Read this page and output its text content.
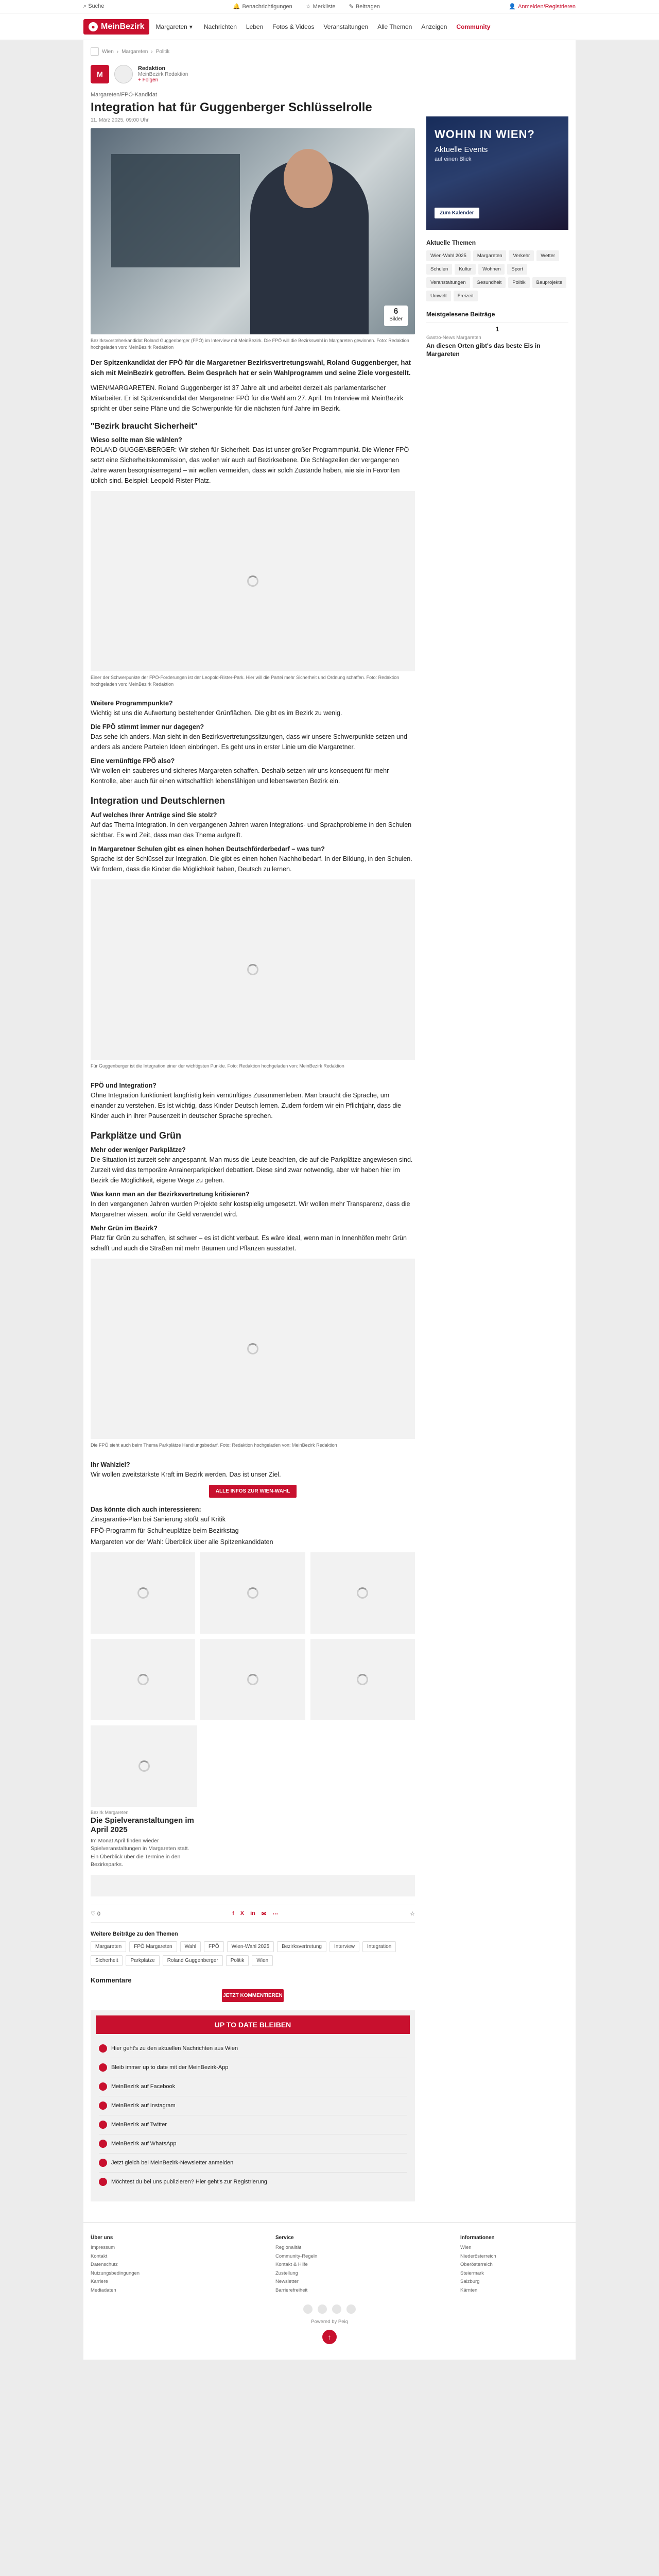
⌕ Suche	🔔 Benachrichtigungen ☆ Merkliste ✎ Beitragen	👤 Anmelden/Registrieren
● MeinBezirk Margareten ▾ Nachrichten Leben Fotos & Videos Veranstaltungen Alle Themen Anzeigen Community
Wien › Margareten › Politik
M
Redaktion
MeinBezirk Redaktion
+ Folgen
Margareten/FPÖ-Kandidat
Integration hat für Guggenberger Schlüsselrolle
11. März 2025, 09:00 Uhr
6
Bilder
Bezirksvorsteherkandidat Roland Guggenberger (FPÖ) im Interview mit MeinBezirk. Die FPÖ will die Bezirkswahl in Margareten gewinnen. Foto: Redaktion hochgeladen von: MeinBezirk Redaktion
Der Spitzenkandidat der FPÖ für die Margaretner Bezirksvertretungswahl, Roland Guggenberger, hat sich mit MeinBezirk getroffen. Beim Gespräch hat er sein Wahlprogramm und seine Ziele vorgestellt.

WIEN/MARGARETEN. Roland Guggenberger ist 37 Jahre alt und arbeitet derzeit als parlamentarischer Mitarbeiter. Er ist Spitzenkandidat der Margaretner FPÖ für die Wahl am 27. April. Im Interview mit MeinBezirk spricht er über seine Pläne und die Schwerpunkte für die nächsten fünf Jahre im Bezirk.

"Bezirk braucht Sicherheit"
Wieso sollte man Sie wählen?

ROLAND GUGGENBERGER: Wir stehen für Sicherheit. Das ist unser großer Programmpunkt. Die Wiener FPÖ setzt eine Sicherheitskommission, das wollen wir auch auf Bezirksebene. Die Schlagzeilen der vergangenen Jahre waren besorgniserregend – wir wollen vermeiden, dass wir solch Zustände haben, wie sie in Favoriten üblich sind. Beispiel: Leopold-Rister-Platz.

Einer der Schwerpunkte der FPÖ-Forderungen ist der Leopold-Rister-Park. Hier will die Partei mehr Sicherheit und Ordnung schaffen. Foto: Redaktion hochgeladen von: MeinBezirk Redaktion
Weitere Programmpunkte?

Wichtig ist uns die Aufwertung bestehender Grünflächen. Die gibt es im Bezirk zu wenig.

Die FPÖ stimmt immer nur dagegen?

Das sehe ich anders. Man sieht in den Bezirksvertretungssitzungen, dass wir unsere Schwerpunkte setzen und anders als andere Parteien Ideen einbringen. Es geht uns in erster Linie um die Margaretner.

Eine vernünftige FPÖ also?

Wir wollen ein sauberes und sicheres Margareten schaffen. Deshalb setzen wir uns konsequent für mehr Kontrolle, aber auch für einen wirtschaftlich lebensfähigen und lebenswerten Bezirk ein.

Integration und Deutschlernen
Auf welches Ihrer Anträge sind Sie stolz?

Auf das Thema Integration. In den vergangenen Jahren waren Integrations- und Sprachprobleme in den Schulen sichtbar. Es wird Zeit, dass man das Thema aufgreift.

In Margaretner Schulen gibt es einen hohen Deutschförderbedarf – was tun?

Sprache ist der Schlüssel zur Integration. Die gibt es einen hohen Nachholbedarf. In der Bildung, in den Schulen. Wir fordern, dass die Kinder die Möglichkeit haben, Deutsch zu lernen.

Für Guggenberger ist die Integration einer der wichtigsten Punkte. Foto: Redaktion hochgeladen von: MeinBezirk Redaktion
FPÖ und Integration?

Ohne Integration funktioniert langfristig kein vernünftiges Zusammenleben. Man braucht die Sprache, um einander zu verstehen. Es ist wichtig, dass Kinder Deutsch lernen. Zudem fordern wir ein Pflichtjahr, dass die Kinder auch in ihrer Pausenzeit in deutscher Sprache sprechen.

Parkplätze und Grün
Mehr oder weniger Parkplätze?

Die Situation ist zurzeit sehr angespannt. Man muss die Leute beachten, die auf die Parkplätze angewiesen sind. Zurzeit wird das temporäre Anrainerparkpickerl debattiert. Diese sind zwar notwendig, aber wir haben hier im Bezirk die Möglichkeit, eigene Wege zu gehen.

Was kann man an der Bezirksvertretung kritisieren?

In den vergangenen Jahren wurden Projekte sehr kostspielig umgesetzt. Wir wollen mehr Transparenz, dass die Margaretner wissen, wofür ihr Geld verwendet wird.

Mehr Grün im Bezirk?

Platz für Grün zu schaffen, ist schwer – es ist dicht verbaut. Es wäre ideal, wenn man in Innenhöfen mehr Grün schafft und auch die Straßen mit mehr Bäumen und Pflanzen ausstattet.

Die FPÖ sieht auch beim Thema Parkplätze Handlungsbedarf. Foto: Redaktion hochgeladen von: MeinBezirk Redaktion
Ihr Wahlziel?

Wir wollen zweitstärkste Kraft im Bezirk werden. Das ist unser Ziel.

ALLE INFOS ZUR WIEN-WAHL
Das könnte dich auch interessieren:

Zinsgarantie-Plan bei Sanierung stößt auf Kritik

FPÖ-Programm für Schulneuplätze beim Bezirkstag

Margareten vor der Wahl: Überblick über alle Spitzenkandidaten

Bezirk Margareten
Die Spielveranstaltungen im April 2025
Im Monat April finden wieder Spielveranstaltungen in Margareten statt. Ein Überblick über die Termine in den Bezirksparks.
♡ 0	f X in ✉ ⋯	☆
Weitere Beiträge zu den Themen
Margareten	FPÖ Margareten	Wahl	FPÖ	Wien-Wahl 2025	Bezirksvertretung	Interview	Integration
Sicherheit	Parkplätze	Roland Guggenberger	Politik	Wien
Kommentare
JETZT KOMMENTIEREN
UP TO DATE BLEIBEN
Hier geht's zu den aktuellen Nachrichten aus Wien
Bleib immer up to date mit der MeinBezirk-App
MeinBezirk auf Facebook
MeinBezirk auf Instagram
MeinBezirk auf Twitter
MeinBezirk auf WhatsApp
Jetzt gleich bei MeinBezirk-Newsletter anmelden
Möchtest du bei uns publizieren? Hier geht's zur Registrierung
WOHIN IN WIEN?
Aktuelle Events
auf einen Blick
Zum Kalender
Aktuelle Themen
Wien-Wahl 2025	Margareten	Verkehr	Wetter
Schulen	Kultur	Wohnen	Sport
Veranstaltungen	Gesundheit	Politik	Bauprojekte
Umwelt	Freizeit
Meistgelesene Beiträge
1
Gastro-News Margareten
An diesen Orten gibt's das beste Eis in Margareten
Über uns
Impressum
Kontakt
Datenschutz
Nutzungsbedingungen
Karriere
Mediadaten
Service
Regionalität
Community-Regeln
Kontakt & Hilfe
Zustellung
Newsletter
Barrierefreiheit
Informationen
Wien
Niederösterreich
Oberösterreich
Steiermark
Salzburg
Kärnten
Powered by Peiq
↑
